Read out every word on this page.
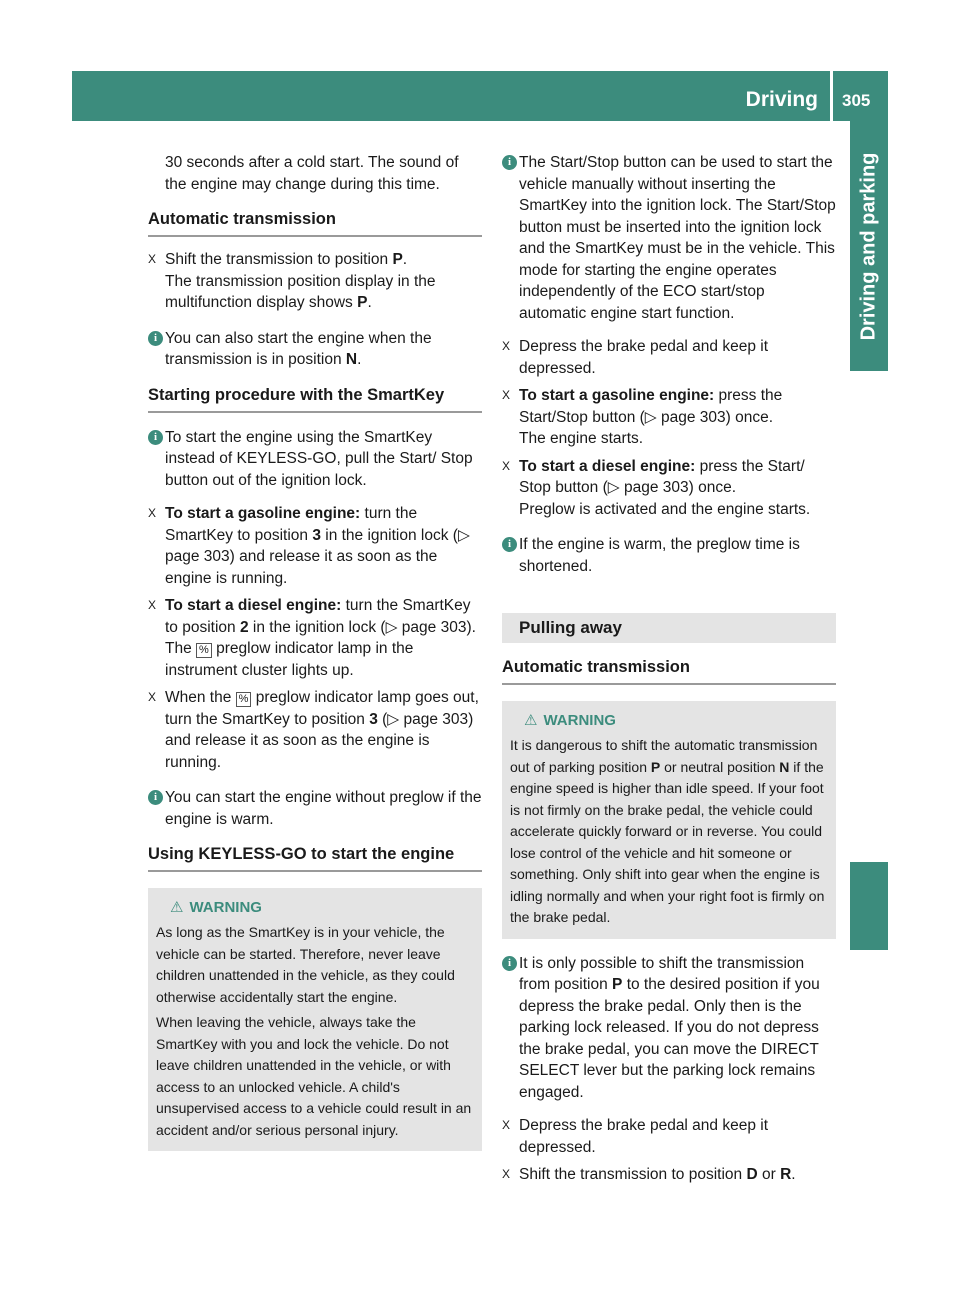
Driving 305
Driving and parking

30 seconds after a cold start. The sound of the engine may change during this time.

Automatic transmission
X Shift the transmission to position P.
The transmission position display in the multifunction display shows P.
i You can also start the engine when the transmission is in position N.
Starting procedure with the SmartKey
i To start the engine using the SmartKey instead of KEYLESS-GO, pull the Start/ Stop button out of the ignition lock.
X To start a gasoline engine: turn the SmartKey to position 3 in the ignition lock (▷ page 303) and release it as soon as the engine is running.
X To start a diesel engine: turn the SmartKey to position 2 in the ignition lock (▷ page 303).
The % preglow indicator lamp in the instrument cluster lights up.
X When the % preglow indicator lamp goes out, turn the SmartKey to position 3 (▷ page 303) and release it as soon as the engine is running.
i You can start the engine without preglow if the engine is warm.
Using KEYLESS-GO to start the engine
⚠ WARNING

As long as the SmartKey is in your vehicle, the vehicle can be started. Therefore, never leave children unattended in the vehicle, as they could otherwise accidentally start the engine.

When leaving the vehicle, always take the SmartKey with you and lock the vehicle. Do not leave children unattended in the vehicle, or with access to an unlocked vehicle. A child's unsupervised access to a vehicle could result in an accident and/or serious personal injury.

i The Start/Stop button can be used to start the vehicle manually without inserting the SmartKey into the ignition lock. The Start/Stop button must be inserted into the ignition lock and the SmartKey must be in the vehicle. This mode for starting the engine operates independently of the ECO start/stop automatic engine start function.
X Depress the brake pedal and keep it depressed.
X To start a gasoline engine: press the Start/Stop button (▷ page 303) once.
The engine starts.
X To start a diesel engine: press the Start/ Stop button (▷ page 303) once.
Preglow is activated and the engine starts.
i If the engine is warm, the preglow time is shortened.
Pulling away
Automatic transmission
⚠ WARNING

It is dangerous to shift the automatic transmission out of parking position P or neutral position N if the engine speed is higher than idle speed. If your foot is not firmly on the brake pedal, the vehicle could accelerate quickly forward or in reverse. You could lose control of the vehicle and hit someone or something. Only shift into gear when the engine is idling normally and when your right foot is firmly on the brake pedal.

i It is only possible to shift the transmission from position P to the desired position if you depress the brake pedal. Only then is the parking lock released. If you do not depress the brake pedal, you can move the DIRECT SELECT lever but the parking lock remains engaged.
X Depress the brake pedal and keep it depressed.
X Shift the transmission to position D or R.
